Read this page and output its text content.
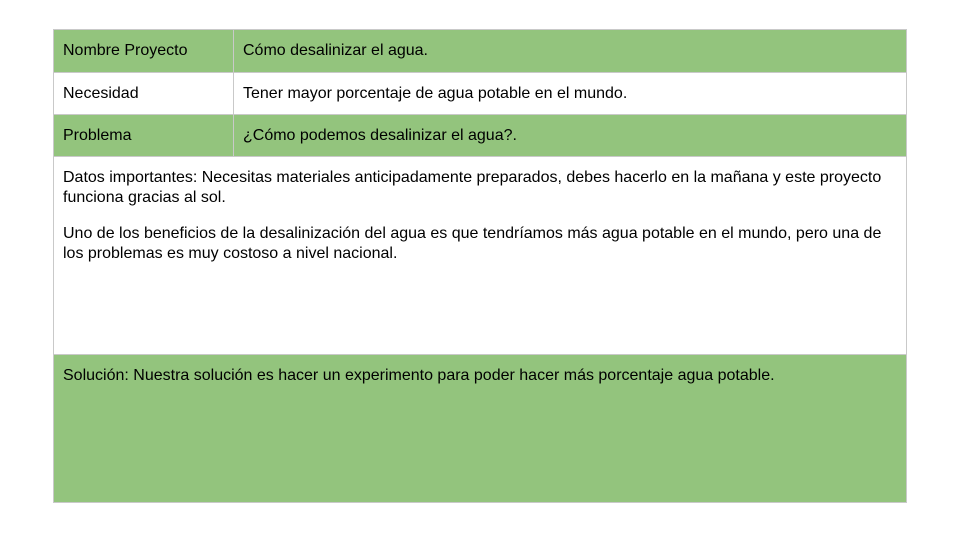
Nombre Proyecto	Cómo desalinizar el agua.
Necesidad	Tener mayor porcentaje de agua potable en el mundo.
Problema	¿Cómo podemos desalinizar el agua?.

Datos importantes: Necesitas materiales anticipadamente preparados, debes hacerlo en la mañana y este proyecto funciona gracias al sol.

Uno de los beneficios de la desalinización del agua es que tendríamos más agua potable en el mundo, pero una de los problemas es muy costoso a nivel nacional.	

Solución: Nuestra solución es hacer un experimento para poder hacer más porcentaje agua potable.	
